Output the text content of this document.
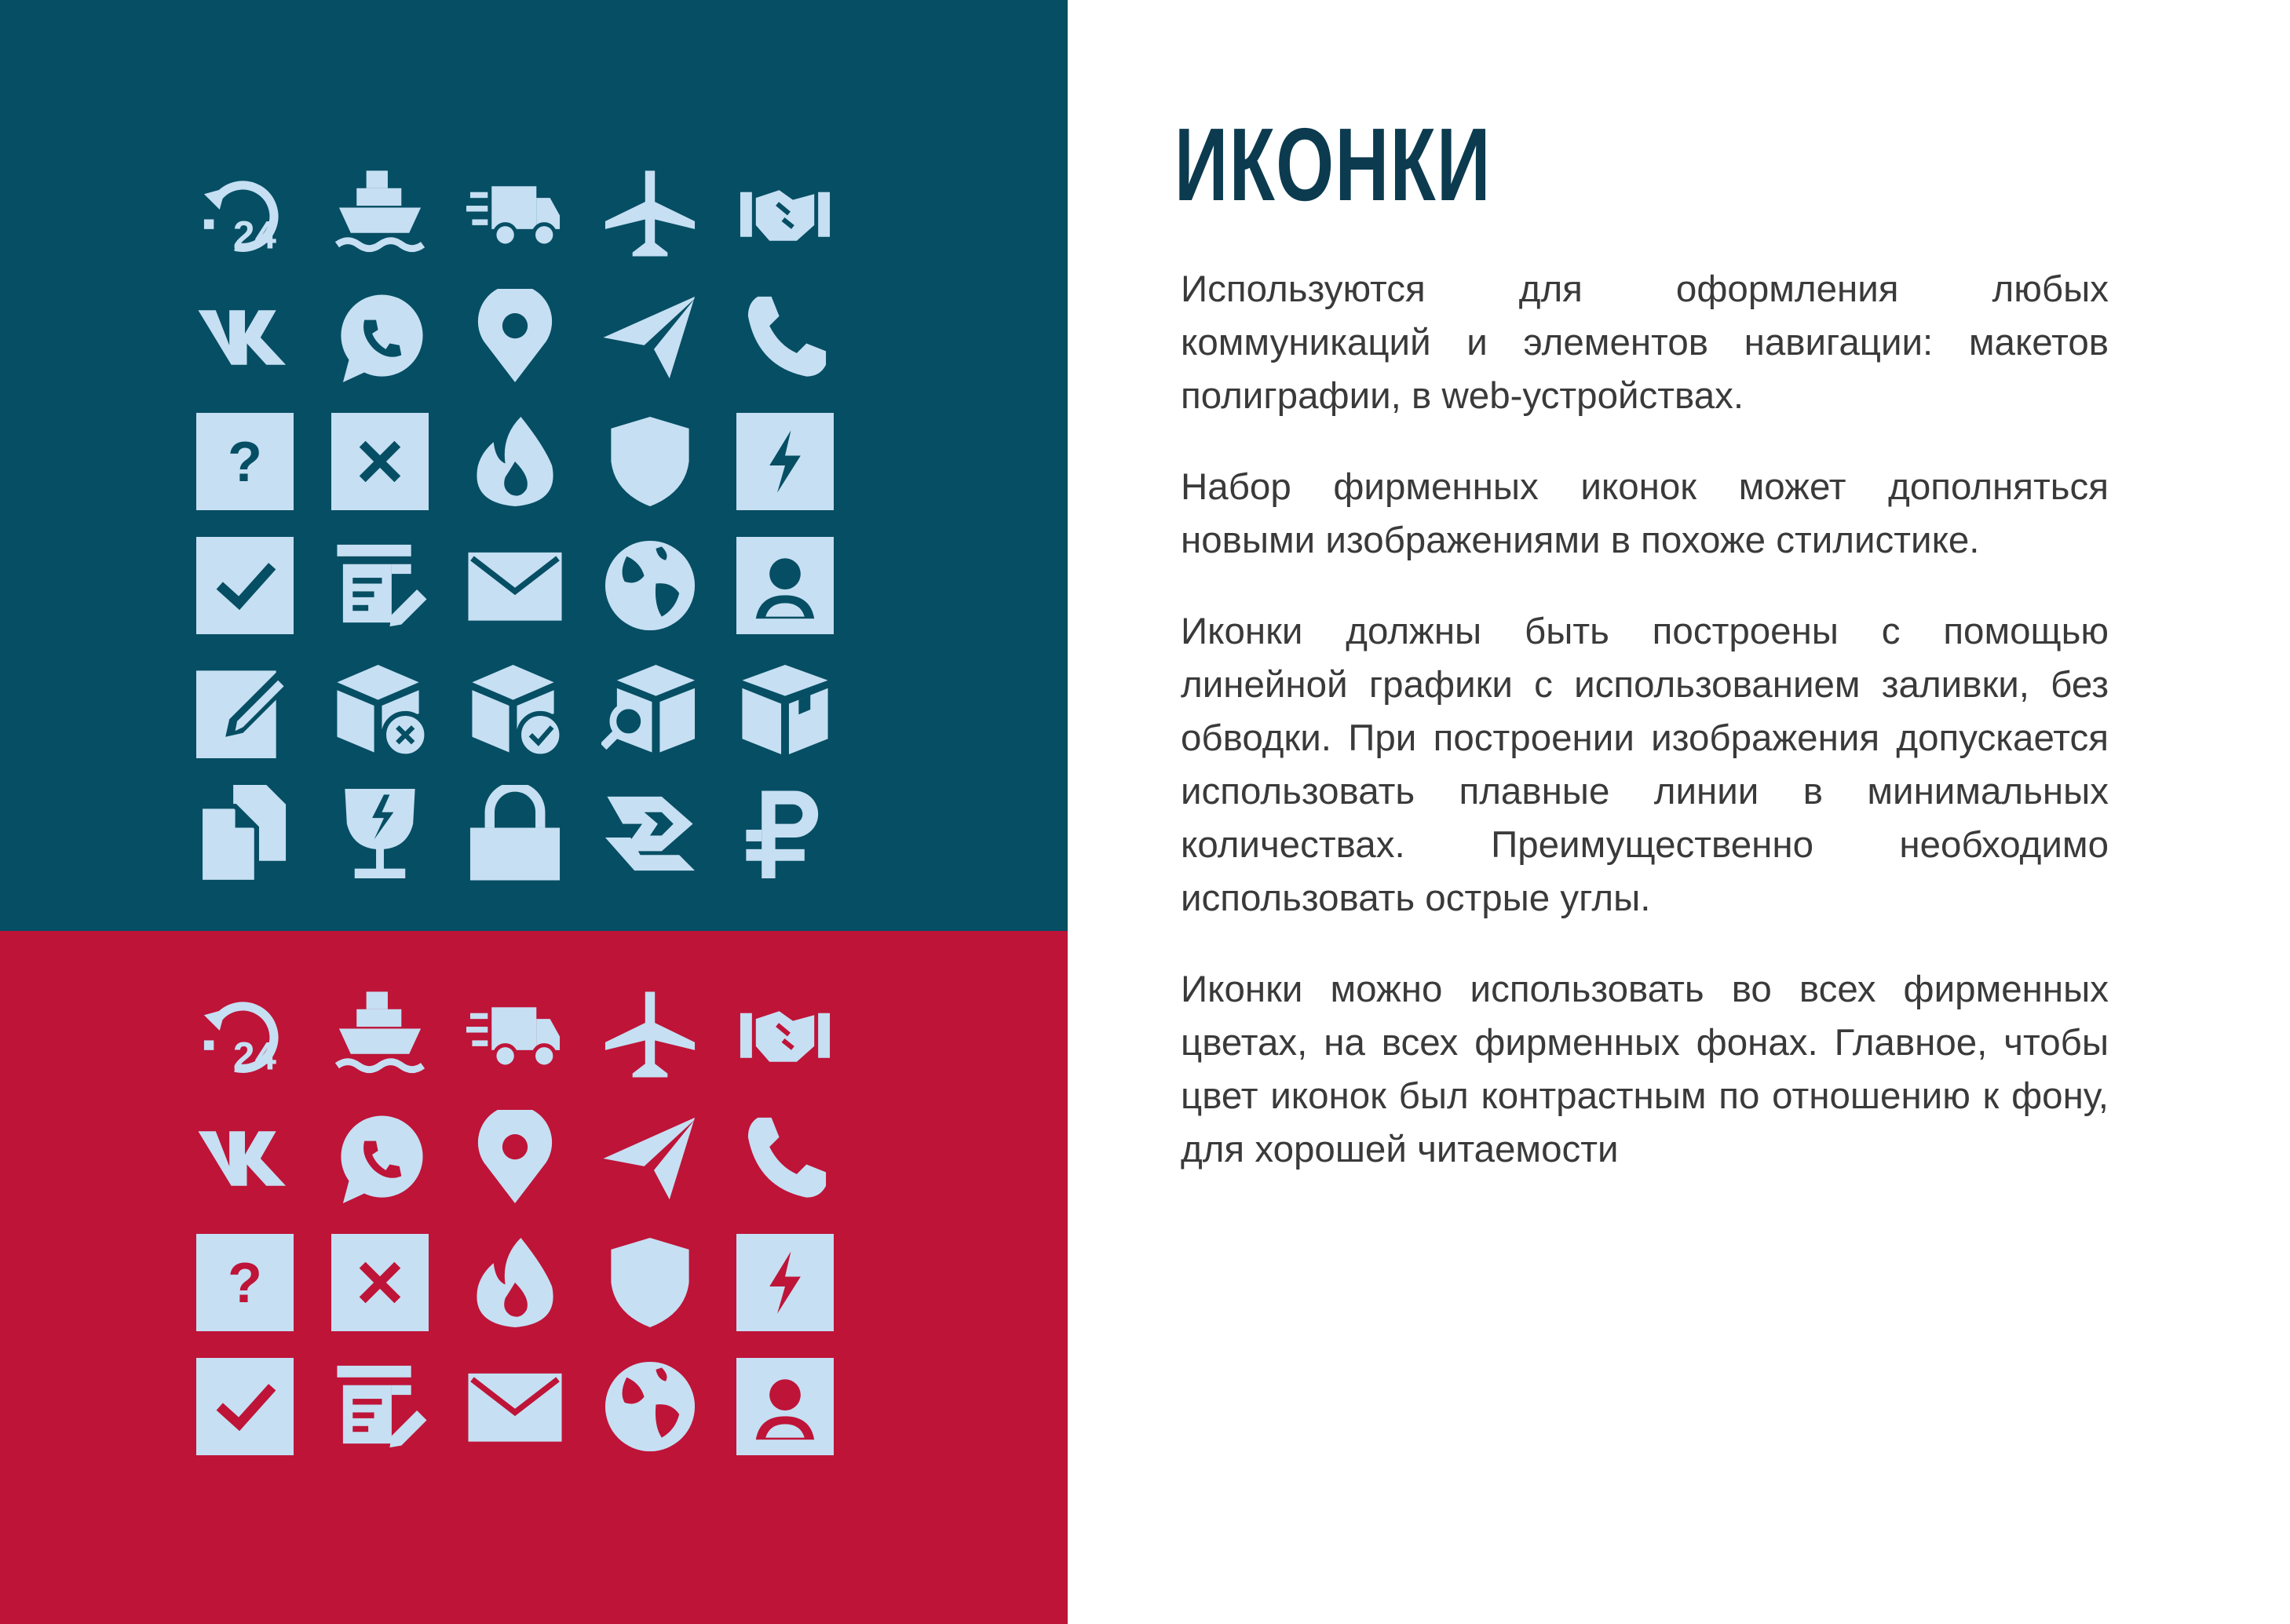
24
?
24
?
ИКОНКИ

Используются для оформления любых коммуникаций и элементов навигации: макетов полиграфии, в web-устройствах.

Набор фирменных иконок может дополняться новыми изображениями в похоже стилистике.

Иконки должны быть построены с помощью линейной графики с использованием заливки, без обводки. При построении изображения допускается использовать плавные линии в минимальных количествах. Преимущественно необходимо использовать острые углы.

Иконки можно использовать во всех фирменных цветах, на всех фирменных фонах. Главное, чтобы цвет иконок был контрастным по отношению к фону, для хорошей читаемости
